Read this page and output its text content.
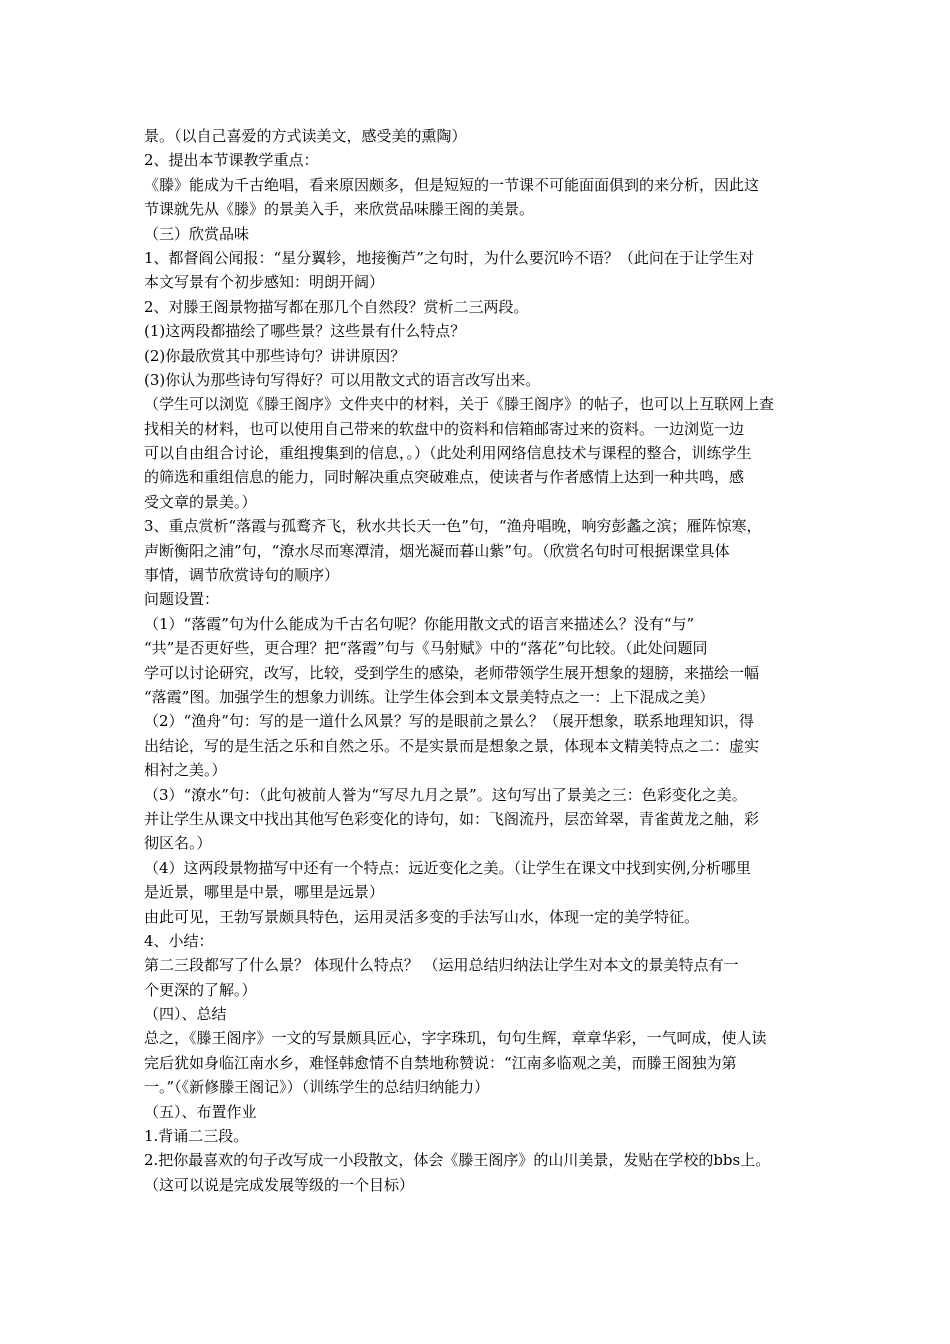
景。（以自己喜爱的方式读美文，感受美的熏陶）
2、提出本节课教学重点：
《滕》能成为千古绝唱，看来原因颇多，但是短短的一节课不可能面面俱到的来分析，因此这
节课就先从《滕》的景美入手，来欣赏品味滕王阁的美景。
（三）欣赏品味
1、都督阎公闻报：“星分翼轸，地接衡芦”之句时，为什么要沉吟不语？（此问在于让学生对
本文写景有个初步感知：明朗开阔）
2、对滕王阁景物描写都在那几个自然段？赏析二三两段。
(1)这两段都描绘了哪些景？这些景有什么特点？
(2)你最欣赏其中那些诗句？讲讲原因？
(3)你认为那些诗句写得好？可以用散文式的语言改写出来。
（学生可以浏览《滕王阁序》文件夹中的材料，关于《滕王阁序》的帖子，也可以上互联网上查
找相关的材料，也可以使用自己带来的软盘中的资料和信箱邮寄过来的资料。一边浏览一边
可以自由组合讨论，重组搜集到的信息，。）（此处利用网络信息技术与课程的整合，训练学生
的筛选和重组信息的能力，同时解决重点突破难点，使读者与作者感情上达到一种共鸣，感
受文章的景美。）
3、重点赏析“落霞与孤鹜齐飞，秋水共长天一色”句，“渔舟唱晚，响穷彭蠡之滨；雁阵惊寒，
声断衡阳之浦”句，“潦水尽而寒潭清，烟光凝而暮山紫”句。（欣赏名句时可根据课堂具体
事情，调节欣赏诗句的顺序）
问题设置：
（1）“落霞”句为什么能成为千古名句呢？你能用散文式的语言来描述么？没有“与”
“共”是否更好些，更合理？把“落霞”句与《马射赋》中的“落花”句比较。（此处问题同
学可以讨论研究，改写，比较，受到学生的感染，老师带领学生展开想象的翅膀，来描绘一幅
“落霞”图。加强学生的想象力训练。让学生体会到本文景美特点之一：上下混成之美）
（2）“渔舟”句：写的是一道什么风景？写的是眼前之景么？（展开想象，联系地理知识，得
出结论，写的是生活之乐和自然之乐。不是实景而是想象之景，体现本文精美特点之二：虚实
相衬之美。）
（3）“潦水”句：（此句被前人誉为“写尽九月之景”。这句写出了景美之三：色彩变化之美。
并让学生从课文中找出其他写色彩变化的诗句，如：飞阁流丹，层峦耸翠，青雀黄龙之舳，彩
彻区名。）
（4）这两段景物描写中还有一个特点：远近变化之美。（让学生在课文中找到实例,分析哪里
是近景，哪里是中景，哪里是远景）
由此可见，王勃写景颇具特色，运用灵活多变的手法写山水，体现一定的美学特征。
4、小结：
第二三段都写了什么景？ 体现什么特点？ （运用总结归纳法让学生对本文的景美特点有一
个更深的了解。）
（四）、总结
总之，《滕王阁序》一文的写景颇具匠心，字字珠玑，句句生辉，章章华彩，一气呵成，使人读
完后犹如身临江南水乡，难怪韩愈情不自禁地称赞说：“江南多临观之美，而滕王阁独为第
一。”（《新修滕王阁记》）（训练学生的总结归纳能力）
（五）、布置作业
1.背诵二三段。
2.把你最喜欢的句子改写成一小段散文，体会《滕王阁序》的山川美景，发贴在学校的bbs上。
（这可以说是完成发展等级的一个目标）
